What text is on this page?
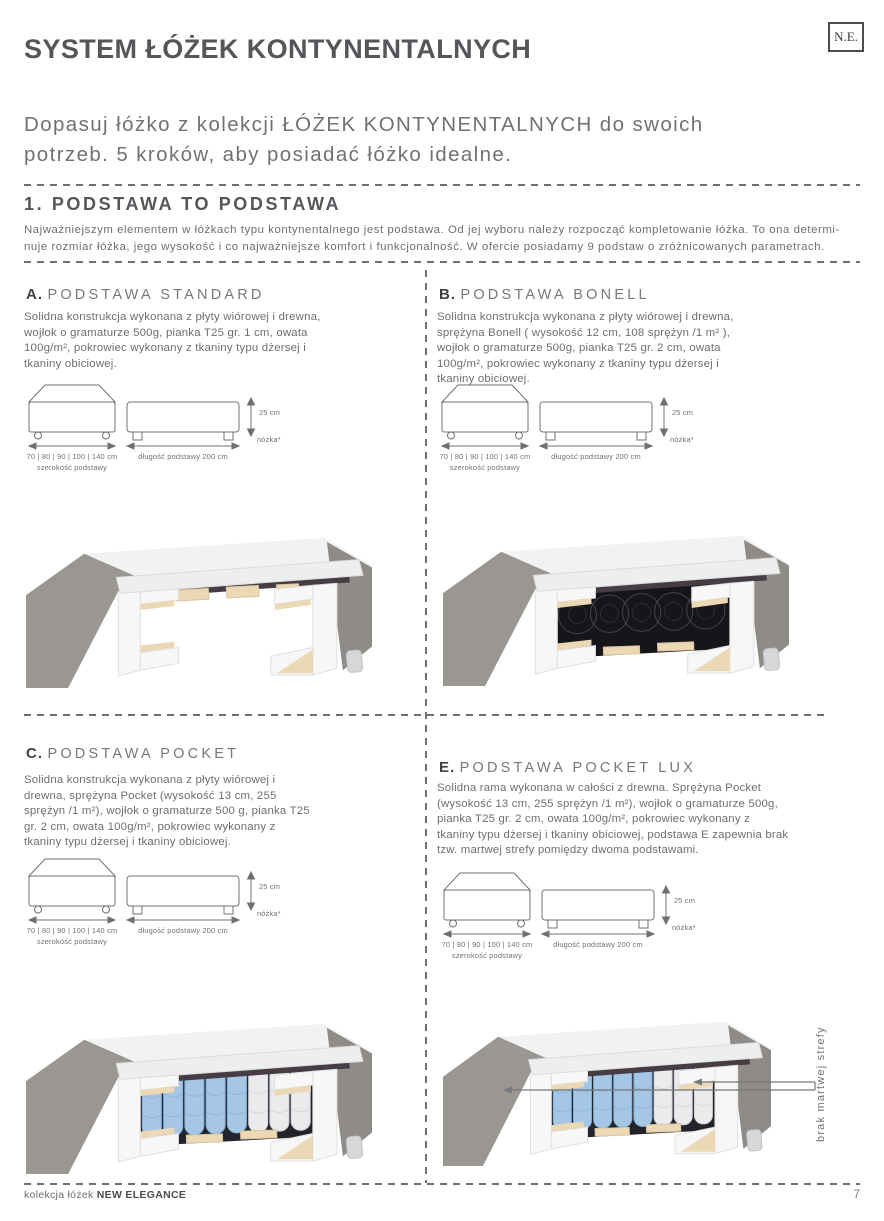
SYSTEM ŁÓŻEK KONTYNENTALNYCH	N.E.
Dopasuj łóżko z kolekcji ŁÓŻEK KONTYNENTALNYCH do swoich
potrzeb. 5 kroków, aby posiadać łóżko idealne.
1. PODSTAWA TO PODSTAWA
Najważniejszym elementem w łóżkach typu kontynentalnego jest podstawa. Od jej wyboru należy rozpocząć kompletowanie łóżka. To ona determi-
nuje rozmiar łóżka, jego wysokość i co najważniejsze komfort i funkcjonalność. W ofercie posiadamy 9 podstaw o zróżnicowanych parametrach.
A. PODSTAWA STANDARD

Solidna konstrukcja wykonana z płyty wiórowej i drewna, wojłok o gramaturze 500g, pianka T25 gr. 1 cm, owata 100g/m², pokrowiec wykonany z tkaniny typu dżersej i tkaniny obiciowej.

70 | 80 | 90 | 100 | 140 cm
szerokość podstawy
długość podstawy 200 cm
25 cm
nóżka*
B. PODSTAWA BONELL

Solidna konstrukcja wykonana z płyty wiórowej i drewna, sprężyna Bonell ( wysokość 12 cm, 108 sprężyn /1 m² ), wojłok o gramaturze 500g, pianka T25 gr. 2 cm, owata 100g/m², pokrowiec wykonany z tkaniny typu dżersej i tkaniny obiciowej.

70 | 80 | 90 | 100 | 140 cm
szerokość podstawy
długość podstawy 200 cm
25 cm
nóżka*
C. PODSTAWA POCKET

Solidna konstrukcja wykonana z płyty wiórowej i drewna, sprężyna Pocket (wysokość 13 cm, 255 sprężyn /1 m²), wojłok o gramaturze 500 g, pianka T25 gr. 2 cm, owata 100g/m², pokrowiec wykonany z tkaniny typu dżersej i tkaniny obiciowej.

70 | 80 | 90 | 100 | 140 cm
szerokość podstawy
długość podstawy 200 cm
25 cm
nóżka*
E. PODSTAWA POCKET LUX

Solidna rama wykonana w całości z drewna. Sprężyna Pocket (wysokość 13 cm, 255 sprężyn /1 m²), wojłok o gramaturze 500g, pianka T25 gr. 2 cm, owata 100g/m², pokrowiec wykonany z tkaniny typu dżersej i tkaniny obiciowej, podstawa E zapewnia brak tzw. martwej strefy pomiędzy dwoma podstawami.

70 | 80 | 90 | 100 | 140 cm
szerokość podstawy
długość podstawy 200 cm
25 cm
nóżka*
brak martwej strefy
kolekcja łóżek NEW ELEGANCE	7
